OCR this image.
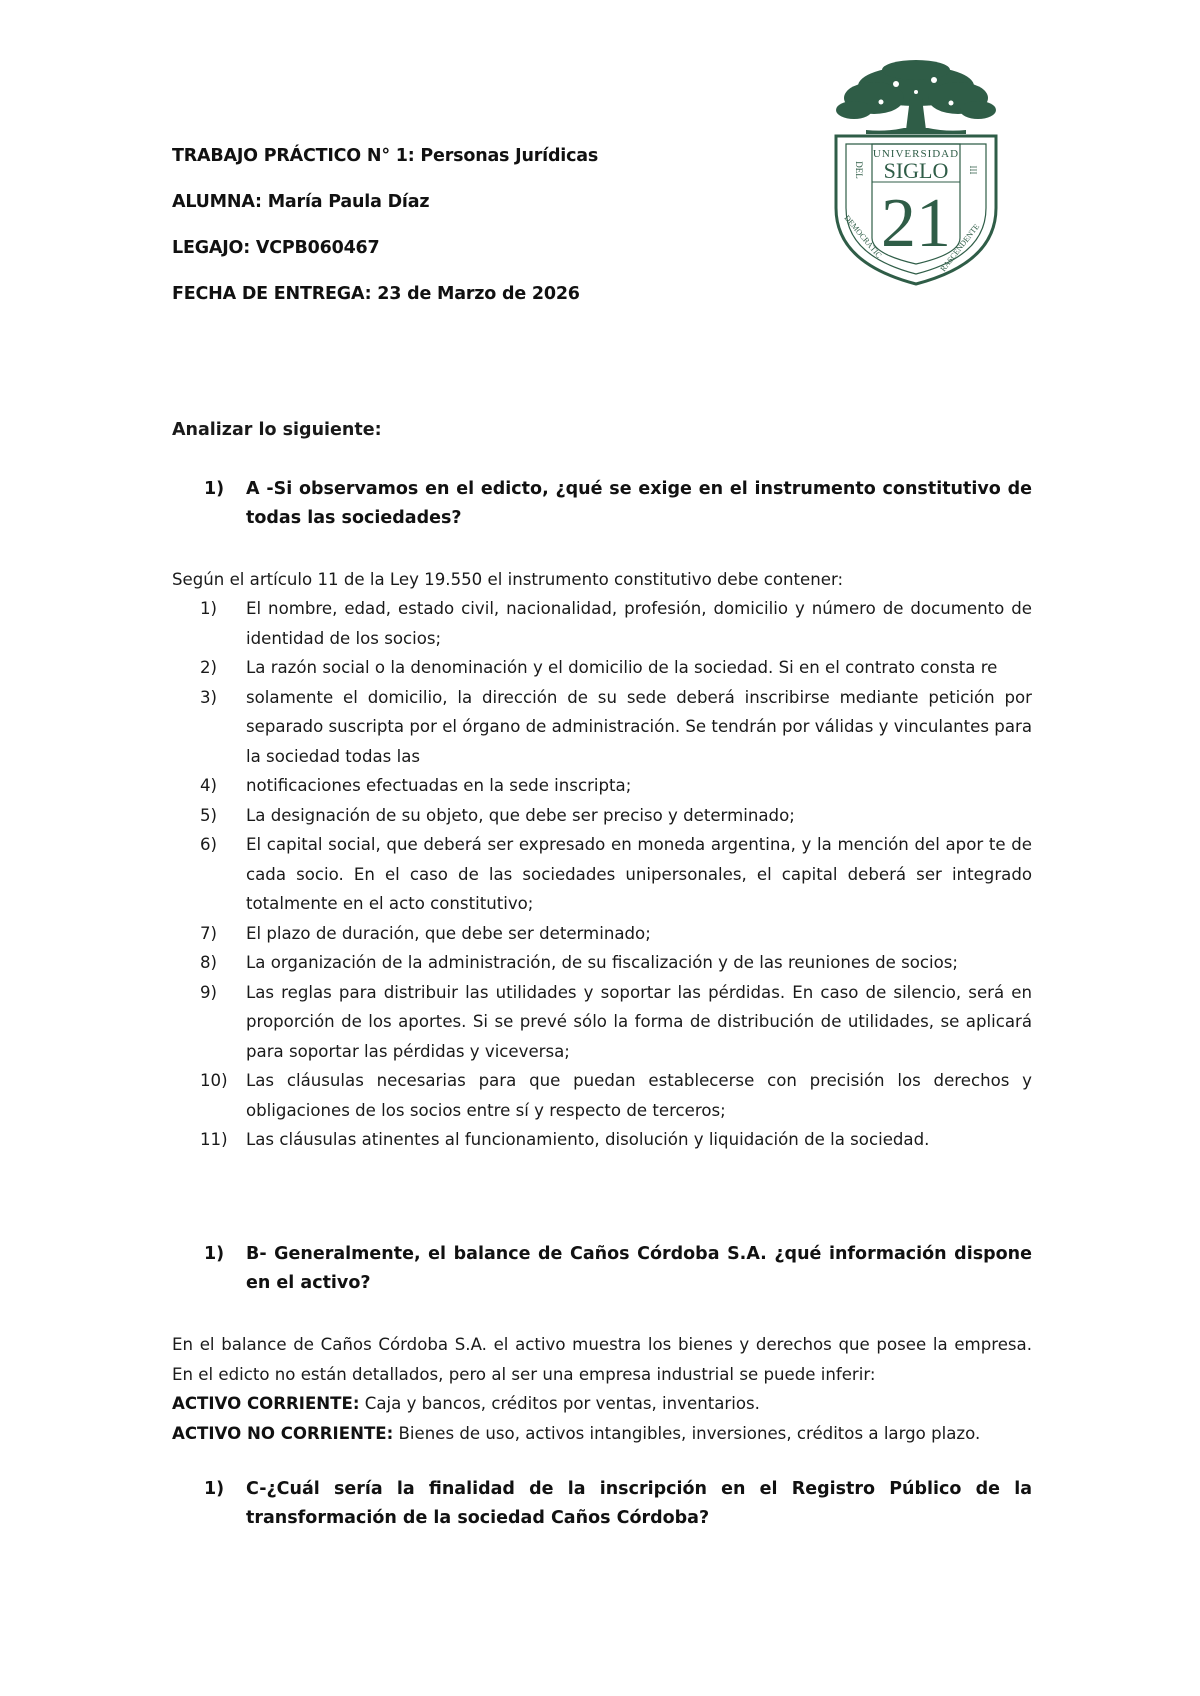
TRABAJO PRÁCTICO N° 1: Personas Jurídicas
ALUMNA: María Paula Díaz
LEGAJO: VCPB060467
FECHA DE ENTREGA: 23 de Marzo de 2026
UNIVERSIDAD
SIGLO
21
DEL	III
DEMOCRÁTIC	RASCENDENTE
Analizar lo siguiente:
1) A -Si observamos en el edicto, ¿qué se exige en el instrumento constitutivo de todas las sociedades?
Según el artículo 11 de la Ley 19.550 el instrumento constitutivo debe contener:
1)	El nombre, edad, estado civil, nacionalidad, profesión, domicilio y número de documento de identidad de los socios;
2)	La razón social o la denominación y el domicilio de la sociedad. Si en el contrato consta re
3)	solamente el domicilio, la dirección de su sede deberá inscribirse mediante petición por separado suscripta por el órgano de administración. Se tendrán por válidas y vinculantes para la sociedad todas las
4)	notificaciones efectuadas en la sede inscripta;
5)	La designación de su objeto, que debe ser preciso y determinado;
6)	El capital social, que deberá ser expresado en moneda argentina, y la mención del apor te de cada socio. En el caso de las sociedades unipersonales, el capital deberá ser integrado totalmente en el acto constitutivo;
7)	El plazo de duración, que debe ser determinado;
8)	La organización de la administración, de su fiscalización y de las reuniones de socios;
9)	Las reglas para distribuir las utilidades y soportar las pérdidas. En caso de silencio, será en proporción de los aportes. Si se prevé sólo la forma de distribución de utilidades, se aplicará para soportar las pérdidas y viceversa;
10)	Las cláusulas necesarias para que puedan establecerse con precisión los derechos y obligaciones de los socios entre sí y respecto de terceros;
11)	Las cláusulas atinentes al funcionamiento, disolución y liquidación de la sociedad.
1) B- Generalmente, el balance de Caños Córdoba S.A. ¿qué información dispone en el activo?
En el balance de Caños Córdoba S.A. el activo muestra los bienes y derechos que posee la empresa. En el edicto no están detallados, pero al ser una empresa industrial se puede inferir:
ACTIVO CORRIENTE: Caja y bancos, créditos por ventas, inventarios.
ACTIVO NO CORRIENTE: Bienes de uso, activos intangibles, inversiones, créditos a largo plazo.
1) C-¿Cuál sería la finalidad de la inscripción en el Registro Público de la transformación de la sociedad Caños Córdoba?
